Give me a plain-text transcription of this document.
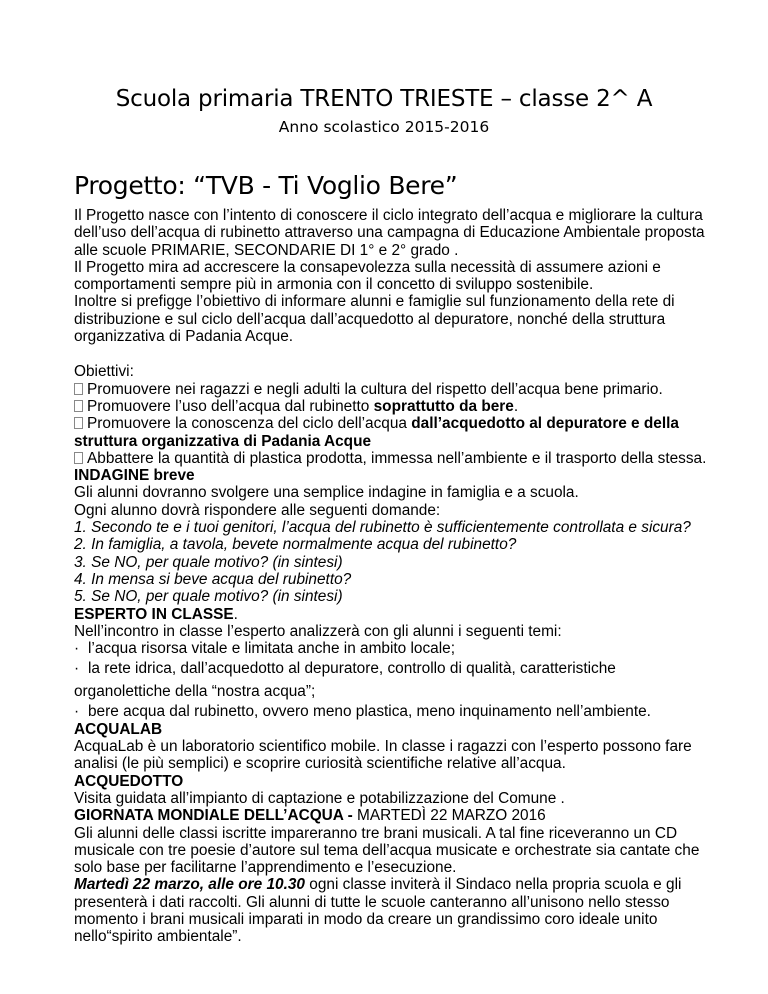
Scuola primaria TRENTO TRIESTE – classe 2^ A
Anno scolastico 2015-2016
Progetto: “TVB - Ti Voglio Bere”

Il Progetto nasce con l’intento di conoscere il ciclo integrato dell’acqua e migliorare la cultura dell’uso dell’acqua di rubinetto attraverso una campagna di Educazione Ambientale proposta alle scuole PRIMARIE, SECONDARIE DI 1° e 2° grado .

Il Progetto mira ad accrescere la consapevolezza sulla necessità di assumere azioni e comportamenti sempre più in armonia con il concetto di sviluppo sostenibile.

Inoltre si prefigge l’obiettivo di informare alunni e famiglie sul funzionamento della rete di distribuzione e sul ciclo dell’acqua dall’acquedotto al depuratore, nonché della struttura organizzativa di Padania Acque.

Obiettivi:

Promuovere nei ragazzi e negli adulti la cultura del rispetto dell’acqua bene primario.

Promuovere l’uso dell’acqua dal rubinetto soprattutto da bere.

Promuovere la conoscenza del ciclo dell’acqua dall’acquedotto al depuratore e della struttura organizzativa di Padania Acque

Abbattere la quantità di plastica prodotta, immessa nell’ambiente e il trasporto della stessa.

INDAGINE breve

Gli alunni dovranno svolgere una semplice indagine in famiglia e a scuola.

Ogni alunno dovrà rispondere alle seguenti domande:

1. Secondo te e i tuoi genitori, l’acqua del rubinetto è sufficientemente controllata e sicura?

2. In famiglia, a tavola, bevete normalmente acqua del rubinetto?

3. Se NO, per quale motivo? (in sintesi)

4. In mensa si beve acqua del rubinetto?

5. Se NO, per quale motivo? (in sintesi)

ESPERTO IN CLASSE.

Nell’incontro in classe l’esperto analizzerà con gli alunni i seguenti temi:

· l’acqua risorsa vitale e limitata anche in ambito locale;

· la rete idrica, dall’acquedotto al depuratore, controllo di qualità, caratteristiche organolettiche della “nostra acqua”;

· bere acqua dal rubinetto, ovvero meno plastica, meno inquinamento nell’ambiente.

ACQUALAB

AcquaLab è un laboratorio scientifico mobile. In classe i ragazzi con l’esperto possono fare analisi (le più semplici) e scoprire curiosità scientifiche relative all’acqua.

ACQUEDOTTO

Visita guidata all’impianto di captazione e potabilizzazione del Comune .

GIORNATA MONDIALE DELL’ACQUA - MARTEDÌ 22 MARZO 2016

Gli alunni delle classi iscritte impareranno tre brani musicali. A tal fine riceveranno un CD musicale con tre poesie d’autore sul tema dell’acqua musicate e orchestrate sia cantate che solo base per facilitarne l’apprendimento e l’esecuzione.

Martedì 22 marzo, alle ore 10.30 ogni classe inviterà il Sindaco nella propria scuola e gli presenterà i dati raccolti. Gli alunni di tutte le scuole canteranno all’unisono nello stesso momento i brani musicali imparati in modo da creare un grandissimo coro ideale unito nello“spirito ambientale”.
